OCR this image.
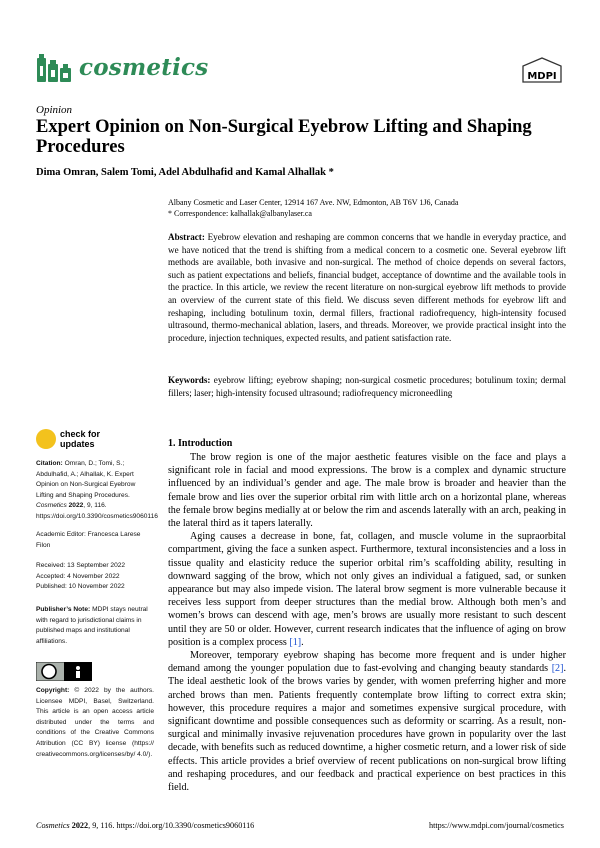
cosmetics	MDPI
Opinion
Expert Opinion on Non-Surgical Eyebrow Lifting and Shaping Procedures
Dima Omran, Salem Tomi, Adel Abdulhafid and Kamal Alhallak *
Albany Cosmetic and Laser Center, 12914 167 Ave. NW, Edmonton, AB T6V 1J6, Canada
* Correspondence: kalhallak@albanylaser.ca

Abstract: Eyebrow elevation and reshaping are common concerns that we handle in everyday practice, and we have noticed that the trend is shifting from a medical concern to a cosmetic one. Several eyebrow lift methods are available, both invasive and non-surgical. The method of choice depends on several factors, such as patient expectations and beliefs, financial budget, acceptance of downtime and the available tools in the practice. In this article, we review the recent literature on non-surgical eyebrow lift methods to provide an overview of the current state of this field. We discuss seven different methods for eyebrow lift and reshaping, including botulinum toxin, dermal fillers, fractional radiofrequency, high-intensity focused ultrasound, thermo-mechanical ablation, lasers, and threads. Moreover, we provide practical insight into the procedure, injection techniques, expected results, and patient satisfaction rate.

Keywords: eyebrow lifting; eyebrow shaping; non-surgical cosmetic procedures; botulinum toxin; dermal fillers; laser; high-intensity focused ultrasound; radiofrequency microneedling

check for
updates

Citation: Omran, D.; Tomi, S.; Abdulhafid, A.; Alhallak, K. Expert Opinion on Non-Surgical Eyebrow Lifting and Shaping Procedures. Cosmetics 2022, 9, 116. https://doi.org/10.3390/cosmetics9060116

Academic Editor: Francesca Larese Filon

Received: 13 September 2022
Accepted: 4 November 2022
Published: 10 November 2022

Publisher’s Note: MDPI stays neutral with regard to jurisdictional claims in published maps and institutional affiliations.

Copyright: © 2022 by the authors. Licensee MDPI, Basel, Switzerland. This article is an open access article distributed under the terms and conditions of the Creative Commons Attribution (CC BY) license (https:// creativecommons.org/licenses/by/ 4.0/).

1. Introduction

The brow region is one of the major aesthetic features visible on the face and plays a significant role in facial and mood expressions. The brow is a complex and dynamic structure influenced by an individual’s gender and age. The male brow is broader and heavier than the female brow and lies over the superior orbital rim with little arch on a horizontal plane, whereas the female brow begins medially at or below the rim and ascends laterally with an arch, peaking in the lateral third as it tapers laterally.

Aging causes a decrease in bone, fat, collagen, and muscle volume in the supraorbital compartment, giving the face a sunken aspect. Furthermore, textural inconsistencies and a loss in tissue quality and elasticity reduce the superior orbital rim’s scaffolding ability, resulting in downward sagging of the brow, which not only gives an individual a fatigued, sad, or sunken appearance but may also impede vision. The lateral brow segment is more vulnerable because it receives less support from deeper structures than the medial brow. Although both men’s and women’s brows can descend with age, men’s brows are usually more resistant to such descent until they are 50 or older. However, current research indicates that the influence of aging on brow position is a complex process [1].

Moreover, temporary eyebrow shaping has become more frequent and is under higher demand among the younger population due to fast-evolving and changing beauty standards [2]. The ideal aesthetic look of the brows varies by gender, with women preferring higher and more arched brows than men. Patients frequently contemplate brow lifting to correct extra skin; however, this procedure requires a major and sometimes expensive surgical procedure, with significant downtime and possible consequences such as deformity or scarring. As a result, non-surgical and minimally invasive rejuvenation procedures have grown in popularity over the last decade, with benefits such as reduced downtime, a higher cosmetic return, and a lower risk of side effects. This article provides a brief overview of recent publications on non-surgical brow lifting and reshaping procedures, and our feedback and practical experience on best practices in this field.

Cosmetics 2022, 9, 116. https://doi.org/10.3390/cosmetics9060116	https://www.mdpi.com/journal/cosmetics
